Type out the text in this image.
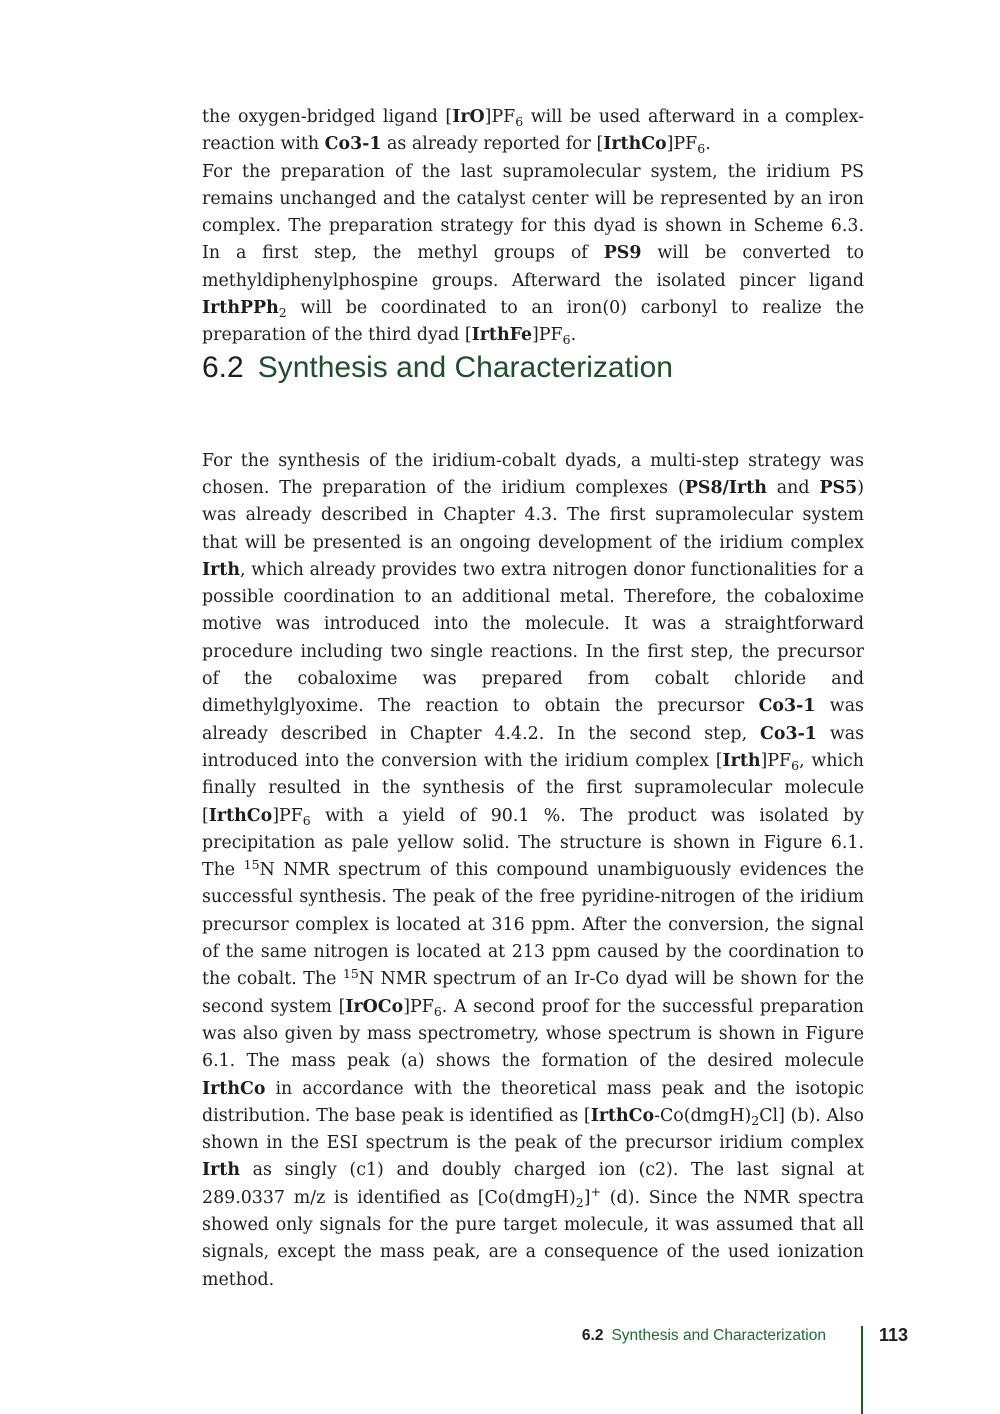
the oxygen-bridged ligand $[IrO]PF_6$ will be used afterward in a complex-reaction with Co3-1 as already reported for $[IrthCo]PF_6$.

For the preparation of the last supramolecular system, the iridium PS remains unchanged and the catalyst center will be represented by an iron complex. The preparation strategy for this dyad is shown in Scheme 6.3. In a first step, the methyl groups of PS9 will be converted to methyldiphenylphospine groups. Afterward the isolated pincer ligand IrthPPh$_2$ will be coordinated to an iron(0) carbonyl to realize the preparation of the third dyad $[IrthFe]PF_6$.

6.2 Synthesis and Characterization

For the synthesis of the iridium-cobalt dyads, a multi-step strategy was chosen. The preparation of the iridium complexes (PS8/Irth and PS5) was already described in Chapter 4.3. The first supramolecular system that will be presented is an ongoing development of the iridium complex Irth, which already provides two extra nitrogen donor functionalities for a possible coordination to an additional metal. Therefore, the cobaloxime motive was introduced into the molecule. It was a straightforward procedure including two single reactions. In the first step, the precursor of the cobaloxime was prepared from cobalt chloride and dimethylglyoxime. The reaction to obtain the precursor Co3-1 was already described in Chapter 4.4.2. In the second step, Co3-1 was introduced into the conversion with the iridium complex $[Irth]PF_6$, which finally resulted in the synthesis of the first supramolecular molecule $[IrthCo]PF_6$ with a yield of 90.1 %. The product was isolated by precipitation as pale yellow solid. The structure is shown in Figure 6.1. The $^{15}$N NMR spectrum of this compound unambiguously evidences the successful synthesis. The peak of the free pyridine-nitrogen of the iridium precursor complex is located at 316 ppm. After the conversion, the signal of the same nitrogen is located at 213 ppm caused by the coordination to the cobalt. The $^{15}$N NMR spectrum of an Ir-Co dyad will be shown for the second system $[IrOCo]PF_6$. A second proof for the successful preparation was also given by mass spectrometry, whose spectrum is shown in Figure 6.1. The mass peak (a) shows the formation of the desired molecule IrthCo in accordance with the theoretical mass peak and the isotopic distribution. The base peak is identified as $[IrthCo-Co(dmgH)_2Cl]$ (b). Also shown in the ESI spectrum is the peak of the precursor iridium complex Irth as singly (c1) and doubly charged ion (c2). The last signal at 289.0337 m/z is identified as $[Co(dmgH)_2]^+$ (d). Since the NMR spectra showed only signals for the pure target molecule, it was assumed that all signals, except the mass peak, are a consequence of the used ionization method.

6.2 Synthesis and Characterization	113
